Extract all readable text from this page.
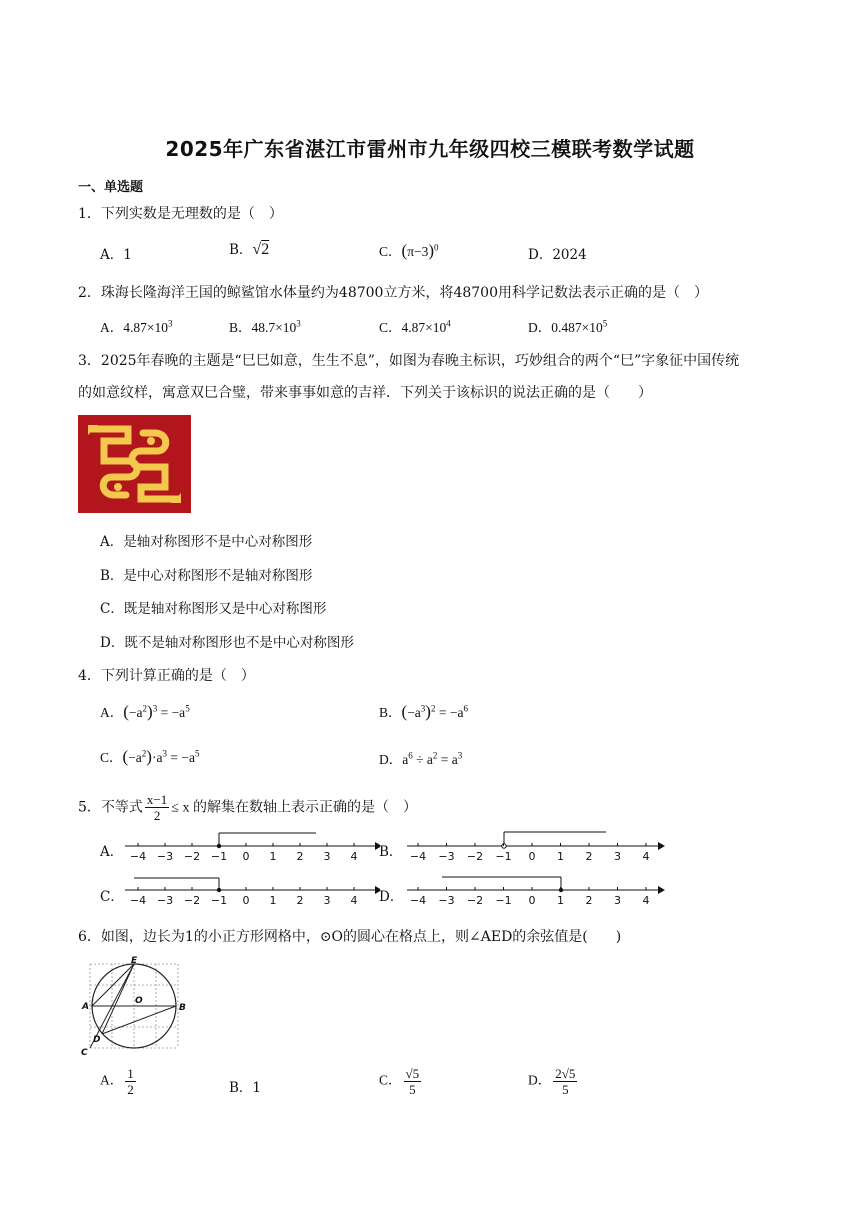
2025年广东省湛江市雷州市九年级四校三模联考数学试题
一、单选题
1．下列实数是无理数的是（　）
A．1	B．√2	C．$(\pi-3)^0$	D．2024
2．珠海长隆海洋王国的鲸鲨馆水体量约为48700立方米，将48700用科学记数法表示正确的是（　）
A．$4.87\times 10^3$	B．$48.7\times 10^3$	C．$4.87\times 10^4$	D．$0.487\times 10^5$
3．2025年春晚的主题是“巳巳如意，生生不息”，如图为春晚主标识，巧妙组合的两个“巳”字象征中国传统
的如意纹样，寓意双巳合璧，带来事事如意的吉祥．下列关于该标识的说法正确的是（　　）
A．是轴对称图形不是中心对称图形
B．是中心对称图形不是轴对称图形
C．既是轴对称图形又是中心对称图形
D．既不是轴对称图形也不是中心对称图形
4．下列计算正确的是（　）
A．$(-a^2)^3 = -a^5$	B．$(-a^3)^2 = -a^6$
C．$(-a^2)\cdot a^3 = -a^5$	D．$a^6 \div a^2 = a^3$
5．不等式 $\frac{x-1}{2} \le x$ 的解集在数轴上表示正确的是（　）
A． −4 −3 −2 −1 0 1 2 3 4 B． −4 −3 −2 −1 0 1 2 3 4
C． −4 −3 −2 −1 0 1 2 3 4 D． −4 −3 −2 −1 0 1 2 3 4
6．如图，边长为1的小正方形网格中，⊙O的圆心在格点上，则∠AED的余弦值是(　　)
E
A
O
B
D
C
A． $\frac{1}{2}$	B．1	C． $\frac{√5}{5}$	D． $\frac{2√5}{5}$
